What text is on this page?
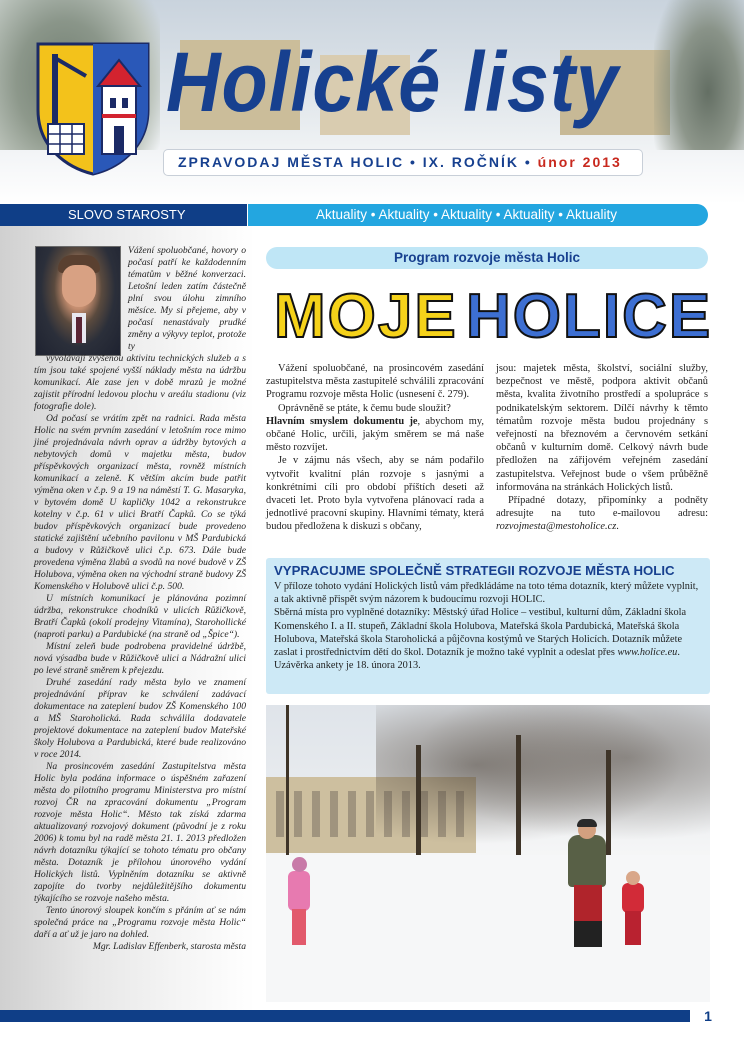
Holické listy
ZPRAVODAJ MĚSTA HOLIC • IX. ROČNÍK • únor 2013
SLOVO STAROSTY	Aktuality • Aktuality • Aktuality • Aktuality • Aktuality
Vážení spoluobčané, hovory o počasí patří ke každodenním tématům v běžné konverzaci. Letošní leden zatím částečně plní svou úlohu zimního měsíce. My si přejeme, aby v počasí nenastávaly prudké změny a výkyvy teplot, protože ty

vyvolávají zvýšenou aktivitu technických služeb a s tím jsou také spojené vyšší náklady města na údržbu komunikací. Ale zase jen v době mrazů je možné zajistit přírodní ledovou plochu v areálu stadionu (viz fotografie dole).

Od počasí se vrátím zpět na radnici. Rada města Holic na svém prvním zasedání v letošním roce mimo jiné projednávala návrh oprav a údržby bytových a nebytových domů v majetku města, budov příspěvkových organizací města, rovněž místních komunikací a zeleně. K větším akcím bude patřit výměna oken v č.p. 9 a 19 na náměstí T. G. Masaryka, v bytovém domě U kapličky 1042 a rekonstrukce kotelny v č.p. 61 v ulici Bratří Čapků. Co se týká budov příspěvkových organizací bude provedeno statické zajištění učebního pavilonu v MŠ Pardubická a budovy v Růžičkově ulici č.p. 673. Dále bude provedena výměna žlabů a svodů na nové budově v ZŠ Holubova, výměna oken na východní straně budovy ZŠ Komenského v Holubově ulici č.p. 500.

U místních komunikací je plánována pozimní údržba, rekonstrukce chodníků v ulicích Růžičkově, Bratří Čapků (okolí prodejny Vitamína), Starohollické (naproti parku) a Pardubické (na straně od „Špice“).

Místní zeleň bude podrobena pravidelné údržbě, nová výsadba bude v Růžičkově ulici a Nádražní ulici po levé straně směrem k přejezdu.

Druhé zasedání rady města bylo ve znamení projednávání příprav ke schválení zadávací dokumentace na zateplení budov ZŠ Komenského 100 a MŠ Staroholická. Rada schválila dodavatele projektové dokumentace na zateplení budov Mateřské školy Holubova a Pardubická, které bude realizováno v roce 2014.

Na prosincovém zasedání Zastupitelstva města Holic byla podána informace o úspěšném zařazení města do pilotního programu Ministerstva pro místní rozvoj ČR na zpracování dokumentu „Program rozvoje města Holic“. Město tak získá zdarma aktualizovaný rozvojový dokument (původní je z roku 2006) k tomu byl na radě města 21. 1. 2013 předložen návrh dotazníku týkající se tohoto tématu pro občany města. Dotazník je přílohou únorového vydání Holických listů. Vyplněním dotazníku se aktivně zapojíte do tvorby nejdůležitějšího dokumentu týkajícího se rozvoje našeho města.

Tento únorový sloupek končím s přáním ať se nám společná práce na „Programu rozvoje města Holic“ daří a ať už je jaro na dohled.

Mgr. Ladislav Effenberk, starosta města

Program rozvoje města Holic
MOJE HOLICE

Vážení spoluobčané, na prosincovém zasedání zastupitelstva města zastupitelé schválili zpracování Programu rozvoje města Holic (usnesení č. 279).

Oprávněně se ptáte, k čemu bude sloužit?

Hlavním smyslem dokumentu je, abychom my, občané Holic, určili, jakým směrem se má naše město rozvíjet.

Je v zájmu nás všech, aby se nám podařilo vytvořit kvalitní plán rozvoje s jasnými a konkrétními cíli pro období příštích deseti až dvaceti let. Proto byla vytvořena plánovací rada a jednotlivé pracovní skupiny. Hlavními tématy, která budou předložena k diskuzi s občany,

jsou: majetek města, školství, sociální služby, bezpečnost ve městě, podpora aktivit občanů města, kvalita životního prostředí a spolupráce s podnikatelským sektorem. Dílčí návrhy k těmto tématům rozvoje města budou projednány s veřejností na březnovém a červnovém setkání občanů v kulturním domě. Celkový návrh bude předložen na zářijovém veřejném zasedání zastupitelstva. Veřejnost bude o všem průběžně informována na stránkách Holických listů.

Případné dotazy, připomínky a podněty adresujte na tuto e-mailovou adresu: rozvojmesta@mestoholice.cz.

VYPRACUJME SPOLEČNĚ STRATEGII ROZVOJE MĚSTA HOLIC

V příloze tohoto vydání Holických listů vám předkládáme na toto téma dotazník, který můžete vyplnit, a tak aktivně přispět svým názorem k budoucímu rozvoji HOLIC.

Sběrná místa pro vyplněné dotazníky: Městský úřad Holice – vestibul, kulturní dům, Základní škola Komenského I. a II. stupeň, Základní škola Holubova, Mateřská škola Pardubická, Mateřská škola Holubova, Mateřská škola Staroholická a půjčovna kostýmů ve Starých Holicích. Dotazník můžete zaslat i prostřednictvím dětí do škol. Dotazník je možno také vyplnit a odeslat přes www.holice.eu.

Uzávěrka ankety je 18. února 2013.

1
